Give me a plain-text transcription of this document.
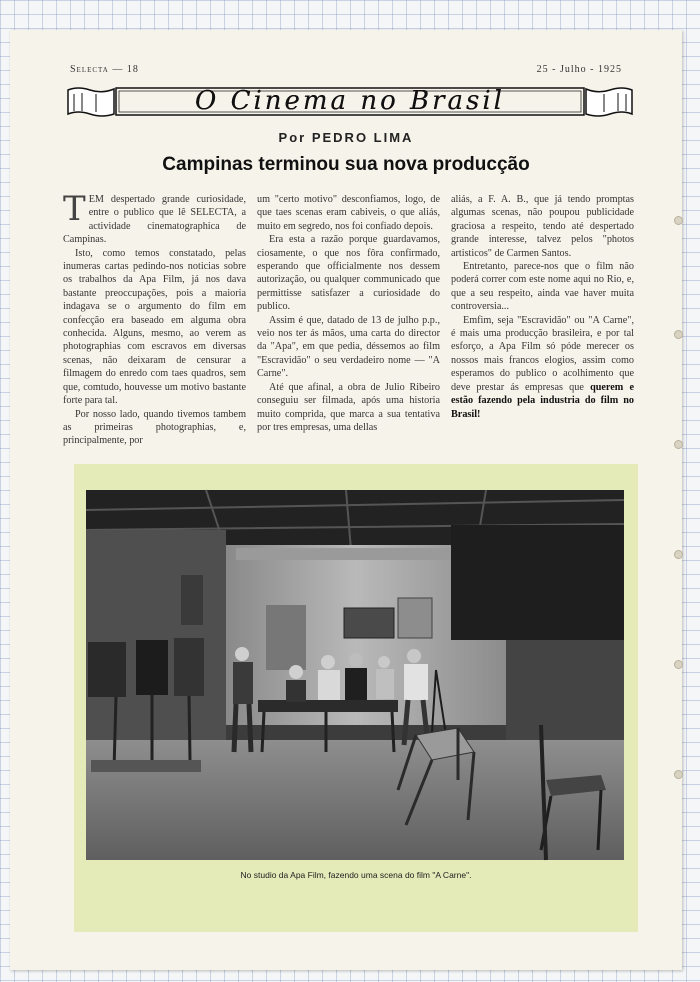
Selecta — 18	25 - Julho - 1925
O Cinema no Brasil
Por PEDRO LIMA
Campinas terminou sua nova producção

TEM despertado grande curiosidade, entre o publico que lê SELECTA, a actividade cinematographica de Campinas.

Isto, como temos constatado, pelas inumeras cartas pedindo-nos noticias sobre os trabalhos da Apa Film, já nos dava bastante preoccupações, pois a maioria indagava se o argumento do film em confecção era baseado em alguma obra conhecida. Alguns, mesmo, ao verem as photographias com escravos em diversas scenas, não deixaram de censurar a filmagem do enredo com taes quadros, sem que, comtudo, houvesse um motivo bastante forte para tal.

Por nosso lado, quando tivemos tambem as primeiras photographias, e, principalmente, por

um "certo motivo" desconfiamos, logo, de que taes scenas eram cabiveis, o que aliás, muito em segredo, nos foi confiado depois.

Era esta a razão porque guardavamos, ciosamente, o que nos fôra confirmado, esperando que officialmente nos dessem autorização, ou qualquer communicado que permittisse satisfazer a curiosidade do publico.

Assim é que, datado de 13 de julho p.p., veio nos ter ás mãos, uma carta do director da "Apa", em que pedia, déssemos ao film "Escravidão" o seu verdadeiro nome — "A Carne".

Até que afinal, a obra de Julio Ribeiro conseguiu ser filmada, após uma historia muito comprida, que marca a sua tentativa por tres empresas, uma dellas

aliás, a F. A. B., que já tendo promptas algumas scenas, não poupou publicidade graciosa a respeito, tendo até despertado grande interesse, talvez pelos "photos artisticos" de Carmen Santos.

Entretanto, parece-nos que o film não poderá correr com este nome aqui no Rio, e, que a seu respeito, ainda vae haver muita controversia...

Emfim, seja "Escravidão" ou "A Carne", é mais uma producção brasileira, e por tal esforço, a Apa Film só póde merecer os nossos mais francos elogios, assim como esperamos do publico o acolhimento que deve prestar ás empresas que querem e estão fazendo pela industria do film no Brasil!

No studio da Apa Film, fazendo uma scena do film "A Carne".
